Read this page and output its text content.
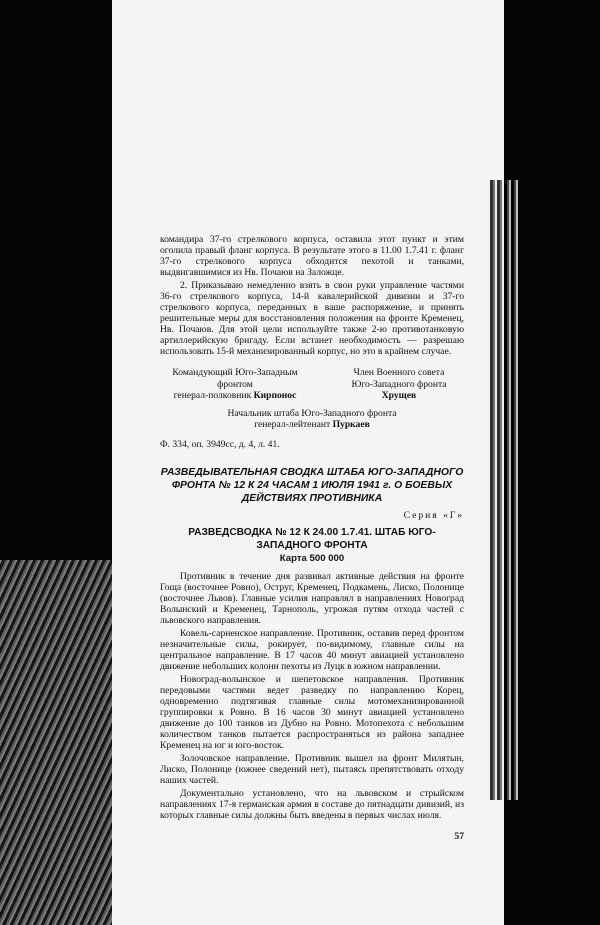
командира 37-го стрелкового корпуса, оставила этот пункт и этим оголила правый фланг корпуса. В результате этого в 11.00 1.7.41 г. фланг 37-го стрелкового корпуса обходится пехотой и танками, выдвигавшимися из Нв. Почаюв на Заложце.

2. Приказываю немедленно взять в свои руки управление частями 36-го стрелкового корпуса, 14-й кавалерийской дивизии и 37-го стрелкового корпуса, переданных в ваше распоряжение, и принять решительные меры для восстановления положения на фронте Кременец, Нв. Почаюв. Для этой цели используйте также 2-ю противотанковую артиллерийскую бригаду. Если встанет необходимость — разрешаю использовать 15-й механизированный корпус, но это в крайнем случае.

Командующий Юго-Западным
фронтом
генерал-полковник Кирпонос
Член Военного совета
Юго-Западного фронта
Хрущев
Начальник штаба Юго-Западного фронта
генерал-лейтенант Пуркаев

Ф. 334, оп. 3949сс, д. 4, л. 41.

РАЗВЕДЫВАТЕЛЬНАЯ СВОДКА ШТАБА ЮГО-ЗАПАДНОГО ФРОНТА № 12 К 24 ЧАСАМ 1 ИЮЛЯ 1941 г. О БОЕВЫХ ДЕЙСТВИЯХ ПРОТИВНИКА
Серия «Г»
РАЗВЕДСВОДКА № 12 К 24.00 1.7.41. ШТАБ ЮГО-ЗАПАДНОГО ФРОНТА
Карта 500 000

Противник в течение дня развивал активные действия на фронте Гоща (восточнее Ровно), Оструг, Кременец, Подкамень, Лиско, Полонице (восточнее Львов). Главные усилия направлял в направлениях Новоград Волынский и Кременец, Тарнополь, угрожая путям отхода частей с львовского направления.

Ковель-сарненское направление. Противник, оставив перед фронтом незначительные силы, рокирует, по-видимому, главные силы на центральное направление. В 17 часов 40 минут авиацией установлено движение небольших колонн пехоты из Луцк в южном направлении.

Новоград-волынское и шепетовское направления. Противник передовыми частями ведет разведку по направлению Корец, одновременно подтягивая главные силы мотомеханизированной группировки к Ровно. В 16 часов 30 минут авиацией установлено движение до 100 танков из Дубно на Ровно. Мотопехота с небольшим количеством танков пытается распространяться из района западнее Кременец на юг и юго-восток.

Золочовское направление. Противник вышел на фронт Милятын, Лиско, Полонице (южнее сведений нет), пытаясь препятствовать отходу наших частей.

Документально установлено, что на львовском и стрыйском направлениях 17-я германская армия в составе до пятнадцати дивизий, из которых главные силы должны быть введены в первых числах июля.

57
